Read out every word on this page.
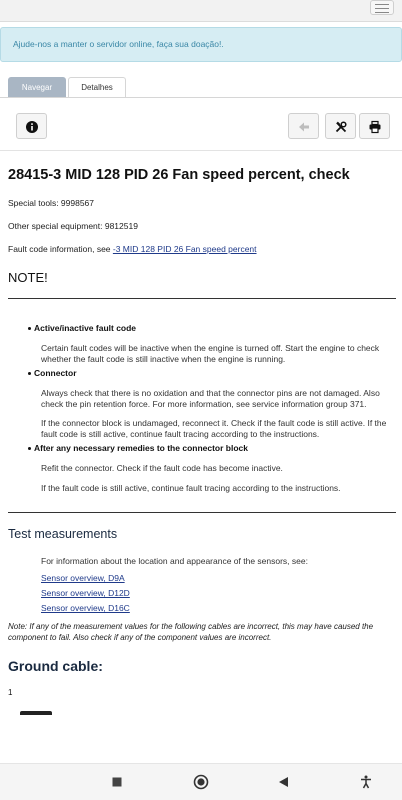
Ajude-nos a manter o servidor online, faça sua doação!.
Navegar	Detalhes
28415-3 MID 128 PID 26 Fan speed percent, check
Special tools: 9998567
Other special equipment: 9812519
Fault code information, see -3 MID 128 PID 26 Fan speed percent
NOTE!
Active/inactive fault code
Certain fault codes will be inactive when the engine is turned off. Start the engine to check whether the fault code is still inactive when the engine is running.
Connector
Always check that there is no oxidation and that the connector pins are not damaged. Also check the pin retention force. For more information, see service information group 371.
If the connector block is undamaged, reconnect it. Check if the fault code is still active. If the fault code is still active, continue fault tracing according to the instructions.
After any necessary remedies to the connector block
Refit the connector. Check if the fault code has become inactive.
If the fault code is still active, continue fault tracing according to the instructions.
Test measurements
For information about the location and appearance of the sensors, see:
Sensor overview, D9A
Sensor overview, D12D
Sensor overview, D16C
Note: If any of the measurement values for the following cables are incorrect, this may have caused the component to fail. Also check if any of the component values are incorrect.
Ground cable:
1
